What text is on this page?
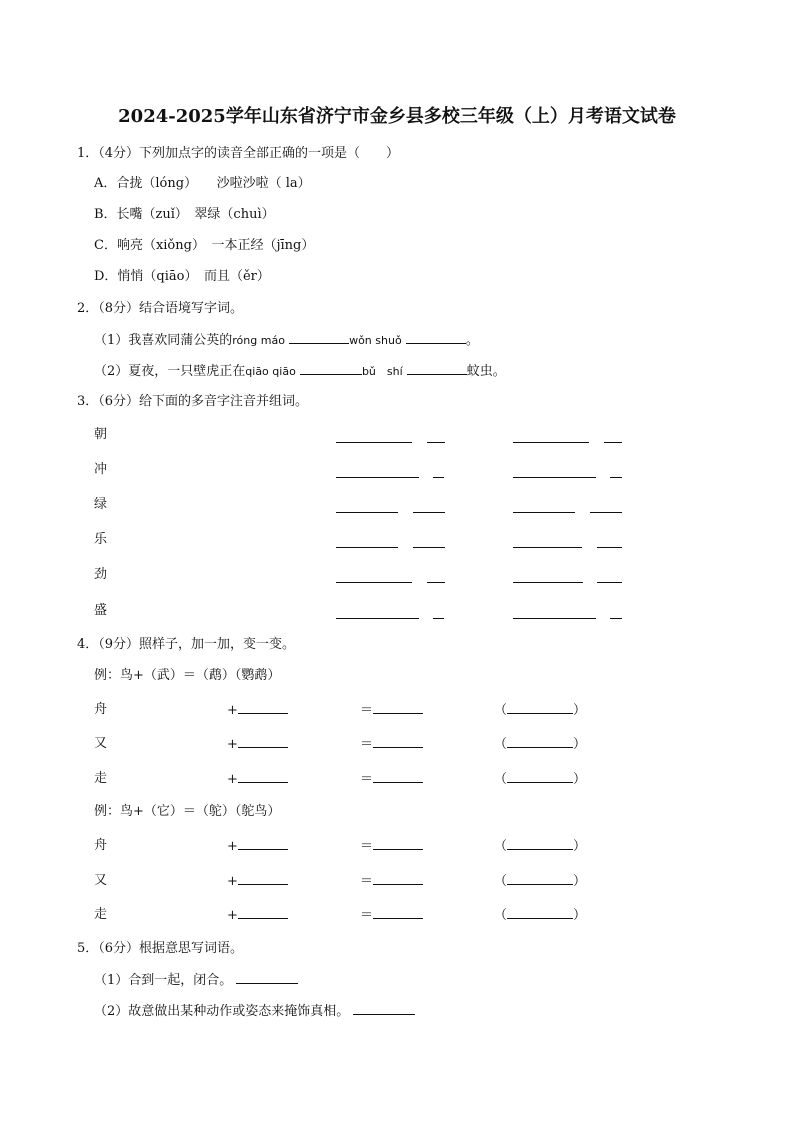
2024-2025学年山东省济宁市金乡县多校三年级（上）月考语文试卷
1．（4分）下列加点字的读音全部正确的一项是（　　）
A．合拢（lóng）　　沙啦沙啦（ la）
B．长嘴（zuǐ）　翠绿（chuì）
C．响亮（xiǒng）　一本正经（jīng）
D．悄悄（qiāo）　而且（ěr）
2．（8分）结合语境写字词。
（1）我喜欢同蒲公英的róng máo	wǒn shuǒ	。
（2）夏夜，一只壁虎正在qiāo qiāo	bǔ　shí	蚊虫。
3．（6分）给下面的多音字注音并组词。
朝
冲
绿
乐
劲
盛
4．（9分）照样子，加一加，变一变。
例：鸟+（武）＝（鹉）（鹦鹉）
舟	+	＝	（	）
又	+	＝	（	）
走	+	＝	（	）
例：鸟+（它）＝（鸵）（鸵鸟）
舟	+	＝	（	）
又	+	＝	（	）
走	+	＝	（	）
5．（6分）根据意思写词语。
（1）合到一起，闭合。
（2）故意做出某种动作或姿态来掩饰真相。
